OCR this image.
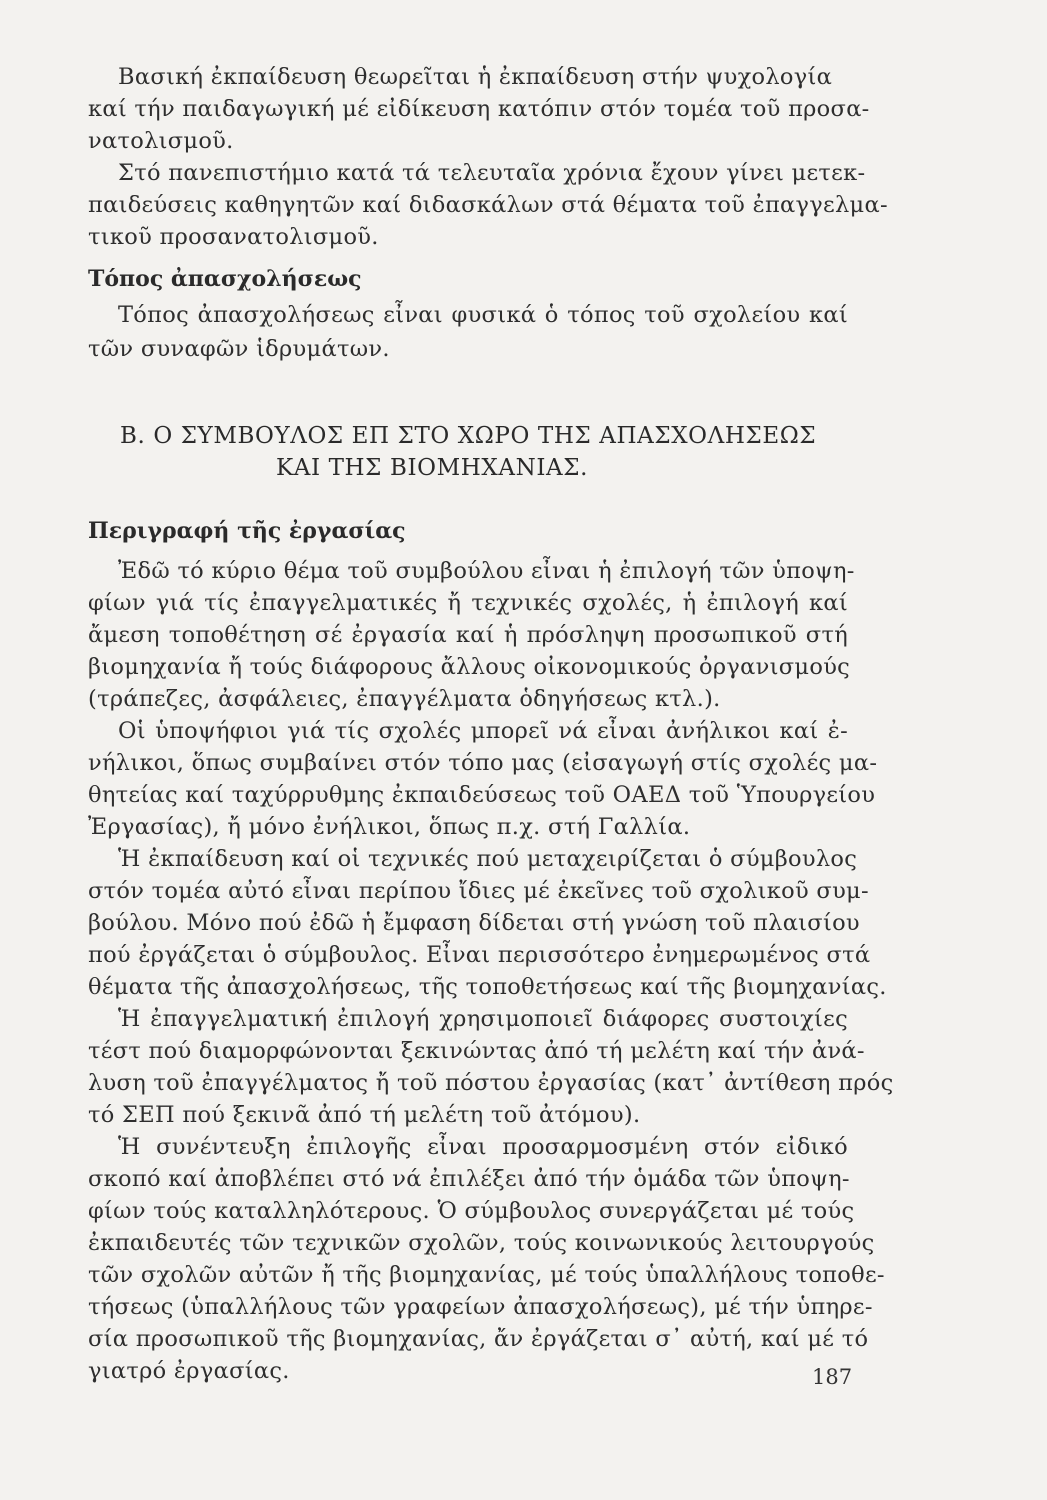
Βασική ἐκπαίδευση θεωρεῖται ἡ ἐκπαίδευση στήν ψυχολογία
καί τήν παιδαγωγική μέ εἰδίκευση κατόπιν στόν τομέα τοῦ προσα-
νατολισμοῦ.
Στό πανεπιστήμιο κατά τά τελευταῖα χρόνια ἔχουν γίνει μετεκ-
παιδεύσεις καθηγητῶν καί διδασκάλων στά θέματα τοῦ ἐπαγγελμα-
τικοῦ προσανατολισμοῦ.
Τόπος ἀπασχολήσεως
Τόπος ἀπασχολήσεως εἶναι φυσικά ὁ τόπος τοῦ σχολείου καί
τῶν συναφῶν ἱδρυμάτων.
Β. Ο ΣΥΜΒΟΥΛΟΣ ΕΠ ΣΤΟ ΧΩΡΟ ΤΗΣ ΑΠΑΣΧΟΛΗΣΕΩΣ
ΚΑΙ ΤΗΣ ΒΙΟΜΗΧΑΝΙΑΣ.
Περιγραφή τῆς ἐργασίας
Ἐδῶ τό κύριο θέμα τοῦ συμβούλου εἶναι ἡ ἐπιλογή τῶν ὑποψη-
φίων γιά τίς ἐπαγγελματικές ἤ τεχνικές σχολές, ἡ ἐπιλογή καί
ἄμεση τοποθέτηση σέ ἐργασία καί ἡ πρόσληψη προσωπικοῦ στή
βιομηχανία ἤ τούς διάφορους ἄλλους οἰκονομικούς ὀργανισμούς
(τράπεζες, ἀσφάλειες, ἐπαγγέλματα ὁδηγήσεως κτλ.).
Οἱ ὑποψήφιοι γιά τίς σχολές μπορεῖ νά εἶναι ἀνήλικοι καί ἐ-
νήλικοι, ὅπως συμβαίνει στόν τόπο μας (εἰσαγωγή στίς σχολές μα-
θητείας καί ταχύρρυθμης ἐκπαιδεύσεως τοῦ ΟΑΕΔ τοῦ Ὑπουργείου
Ἐργασίας), ἤ μόνο ἐνήλικοι, ὅπως π.χ. στή Γαλλία.
Ἡ ἐκπαίδευση καί οἱ τεχνικές πού μεταχειρίζεται ὁ σύμβουλος
στόν τομέα αὐτό εἶναι περίπου ἴδιες μέ ἐκεῖνες τοῦ σχολικοῦ συμ-
βούλου. Μόνο πού ἐδῶ ἡ ἔμφαση δίδεται στή γνώση τοῦ πλαισίου
πού ἐργάζεται ὁ σύμβουλος. Εἶναι περισσότερο ἐνημερωμένος στά
θέματα τῆς ἀπασχολήσεως, τῆς τοποθετήσεως καί τῆς βιομηχανίας.
Ἡ ἐπαγγελματική ἐπιλογή χρησιμοποιεῖ διάφορες συστοιχίες
τέστ πού διαμορφώνονται ξεκινώντας ἀπό τή μελέτη καί τήν ἀνά-
λυση τοῦ ἐπαγγέλματος ἤ τοῦ πόστου ἐργασίας (κατ᾽ ἀντίθεση πρός
τό ΣΕΠ πού ξεκινᾶ ἀπό τή μελέτη τοῦ ἀτόμου).
Ἡ συνέντευξη ἐπιλογῆς εἶναι προσαρμοσμένη στόν εἰδικό
σκοπό καί ἀποβλέπει στό νά ἐπιλέξει ἀπό τήν ὁμάδα τῶν ὑποψη-
φίων τούς καταλληλότερους. Ὁ σύμβουλος συνεργάζεται μέ τούς
ἐκπαιδευτές τῶν τεχνικῶν σχολῶν, τούς κοινωνικούς λειτουργούς
τῶν σχολῶν αὐτῶν ἤ τῆς βιομηχανίας, μέ τούς ὑπαλλήλους τοποθε-
τήσεως (ὑπαλλήλους τῶν γραφείων ἀπασχολήσεως), μέ τήν ὑπηρε-
σία προσωπικοῦ τῆς βιομηχανίας, ἄν ἐργάζεται σ᾽ αὐτή, καί μέ τό
γιατρό ἐργασίας.	187
